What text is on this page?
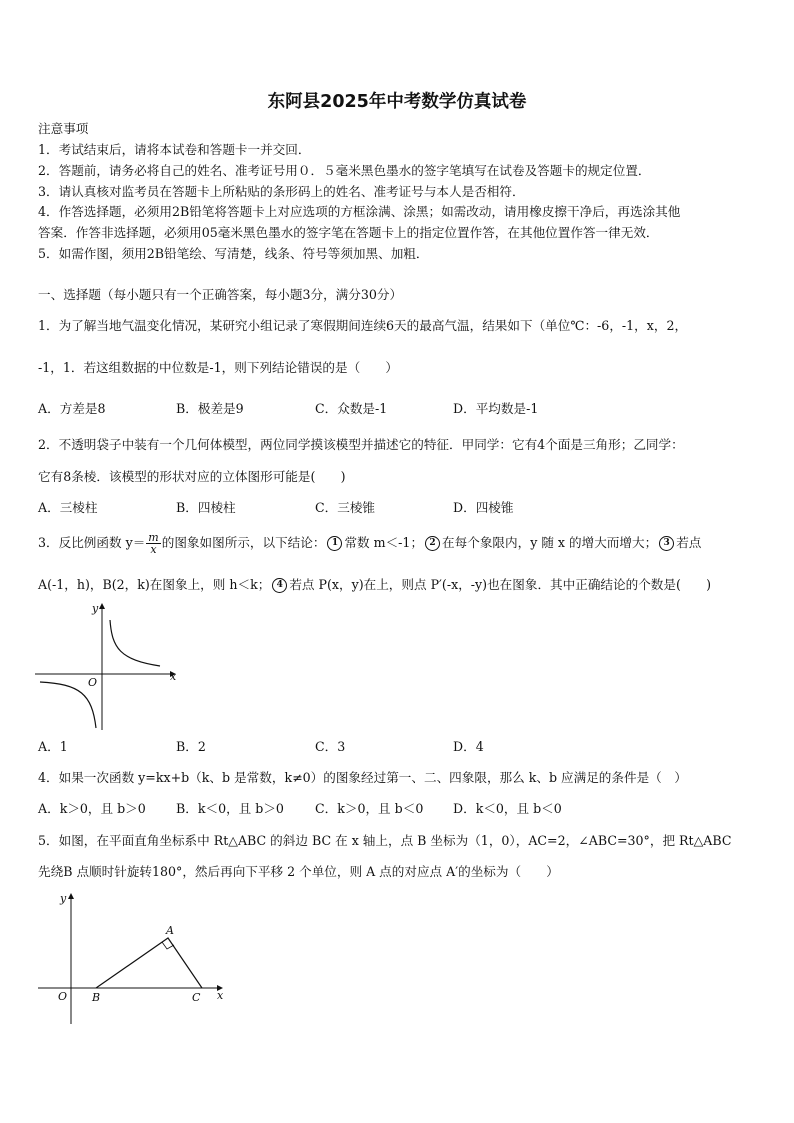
东阿县2025年中考数学仿真试卷
注意事项
1．考试结束后，请将本试卷和答题卡一并交回．
2．答题前，请务必将自己的姓名、准考证号用０．５毫米黑色墨水的签字笔填写在试卷及答题卡的规定位置．
3．请认真核对监考员在答题卡上所粘贴的条形码上的姓名、准考证号与本人是否相符．
4．作答选择题，必须用2B铅笔将答题卡上对应选项的方框涂满、涂黑；如需改动，请用橡皮擦干净后，再选涂其他
答案．作答非选择题，必须用05毫米黑色墨水的签字笔在答题卡上的指定位置作答，在其他位置作答一律无效．
5．如需作图，须用2B铅笔绘、写清楚，线条、符号等须加黑、加粗．
一、选择题（每小题只有一个正确答案，每小题3分，满分30分）
1．为了解当地气温变化情况，某研究小组记录了寒假期间连续6天的最高气温，结果如下（单位℃：-6，-1，x，2，
-1，1．若这组数据的中位数是-1，则下列结论错误的是（　　）
A．方差是8	B．极差是9	C．众数是-1	D．平均数是-1
2．不透明袋子中装有一个几何体模型，两位同学摸该模型并描述它的特征．甲同学：它有4个面是三角形；乙同学：
它有8条棱．该模型的形状对应的立体图形可能是(　　)
A．三棱柱	B．四棱柱	C．三棱锥	D．四棱锥
3．反比例函数 $y= \frac{m}{x}$ 的图象如图所示，以下结论： 1 常数 m＜-1； 2 在每个象限内，y 随 x 的增大而增大； 3 若点
A(-1，h)，B(2，k)在图象上，则 h＜k； 4 若点 P(x，y)在上，则点 P′(-x，-y)也在图象．其中正确结论的个数是(　　)
x
y
O
A．1	B．2	C．3	D．4
4．如果一次函数 y=kx+b（k、b 是常数，k≠0）的图象经过第一、二、四象限，那么 k、b 应满足的条件是（　）
A．k＞0，且 b＞0 B．k＜0，且 b＞0 C．k＞0，且 b＜0 D．k＜0，且 b＜0
5．如图，在平面直角坐标系中 Rt△ABC 的斜边 BC 在 x 轴上，点 B 坐标为（1，0），AC=2，∠ABC=30°，把 Rt△ABC
先绕B 点顺时针旋转180°，然后再向下平移 2 个单位，则 A 点的对应点 A′的坐标为（　　）
x
y
O
A
B	C
